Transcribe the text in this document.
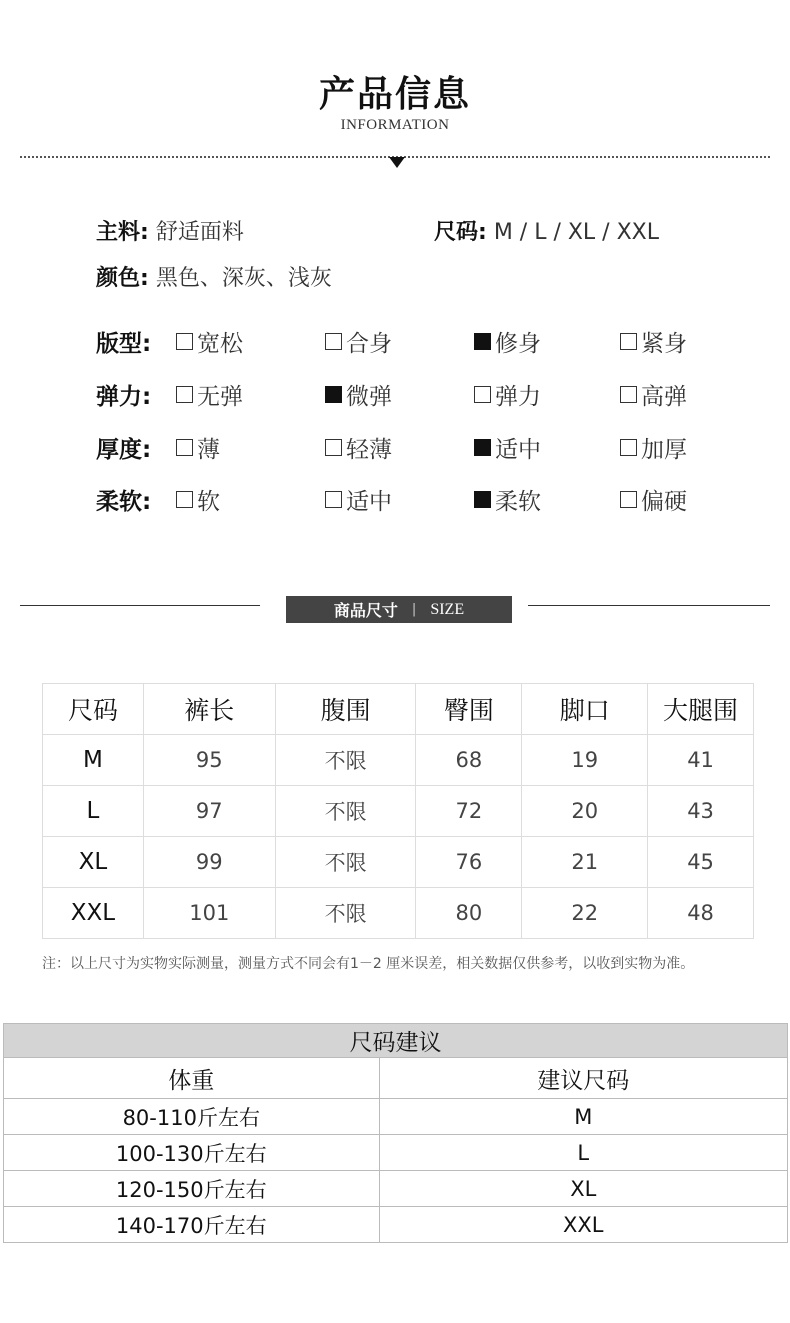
产品信息
INFORMATION
主料: 舒适面料	尺码: M / L / XL / XXL
颜色: 黑色、深灰、浅灰
版型: 宽松	合身	修身	紧身
弹力: 无弹	微弹	弹力	高弹
厚度: 薄	轻薄	适中	加厚
柔软: 软	适中	柔软	偏硬
商品尺寸 | SIZE
尺码	裤长	腹围	臀围	脚口	大腿围
M	95	不限	68	19	41
L	97	不限	72	20	43
XL	99	不限	76	21	45
XXL	101	不限	80	22	48
注：以上尺寸为实物实际测量，测量方式不同会有1－2 厘米误差，相关数据仅供参考，以收到实物为准。
尺码建议	
体重	建议尺码
80-110斤左右	M
100-130斤左右	L
120-150斤左右	XL
140-170斤左右	XXL
